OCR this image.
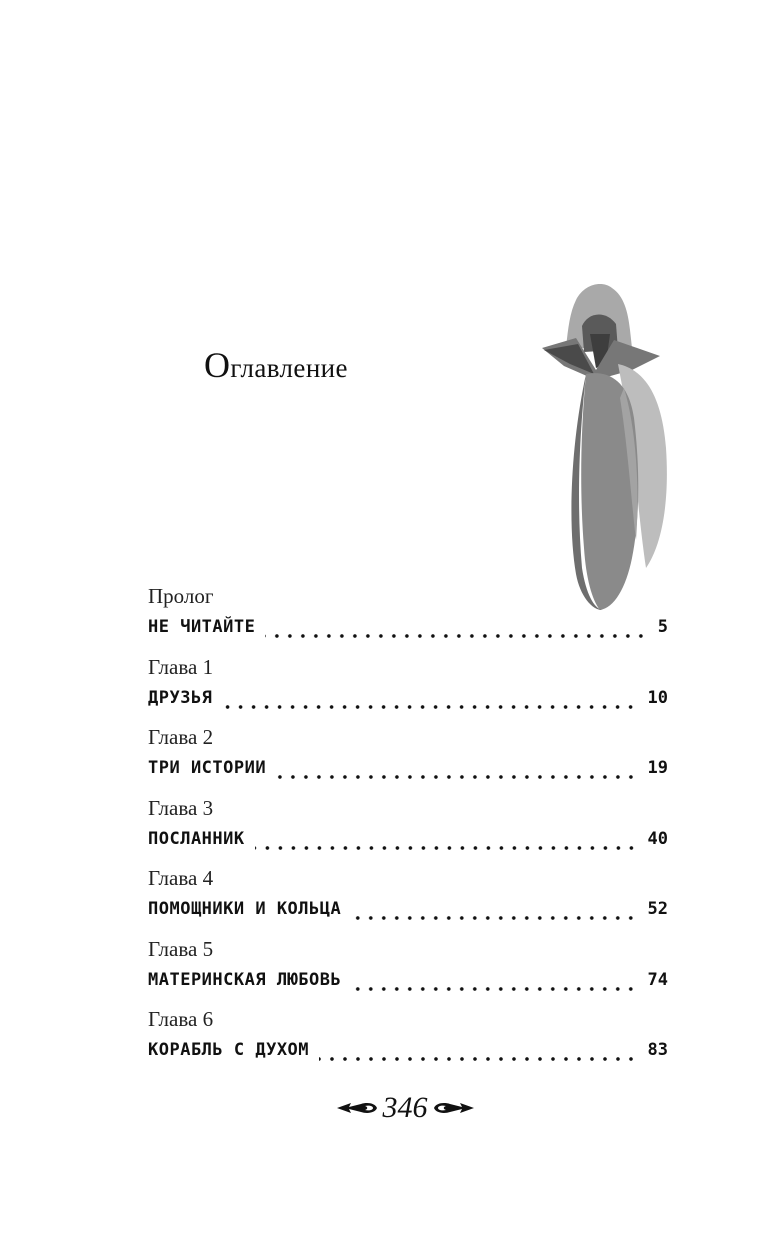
Оглавление
Пролог
НЕ ЧИТАЙТЕ	5
Глава 1
ДРУЗЬЯ	10
Глава 2
ТРИ ИСТОРИИ	19
Глава 3
ПОСЛАННИК	40
Глава 4
ПОМОЩНИКИ И КОЛЬЦА	52
Глава 5
МАТЕРИНСКАЯ ЛЮБОВЬ	74
Глава 6
КОРАБЛЬ С ДУХОМ	83
346
